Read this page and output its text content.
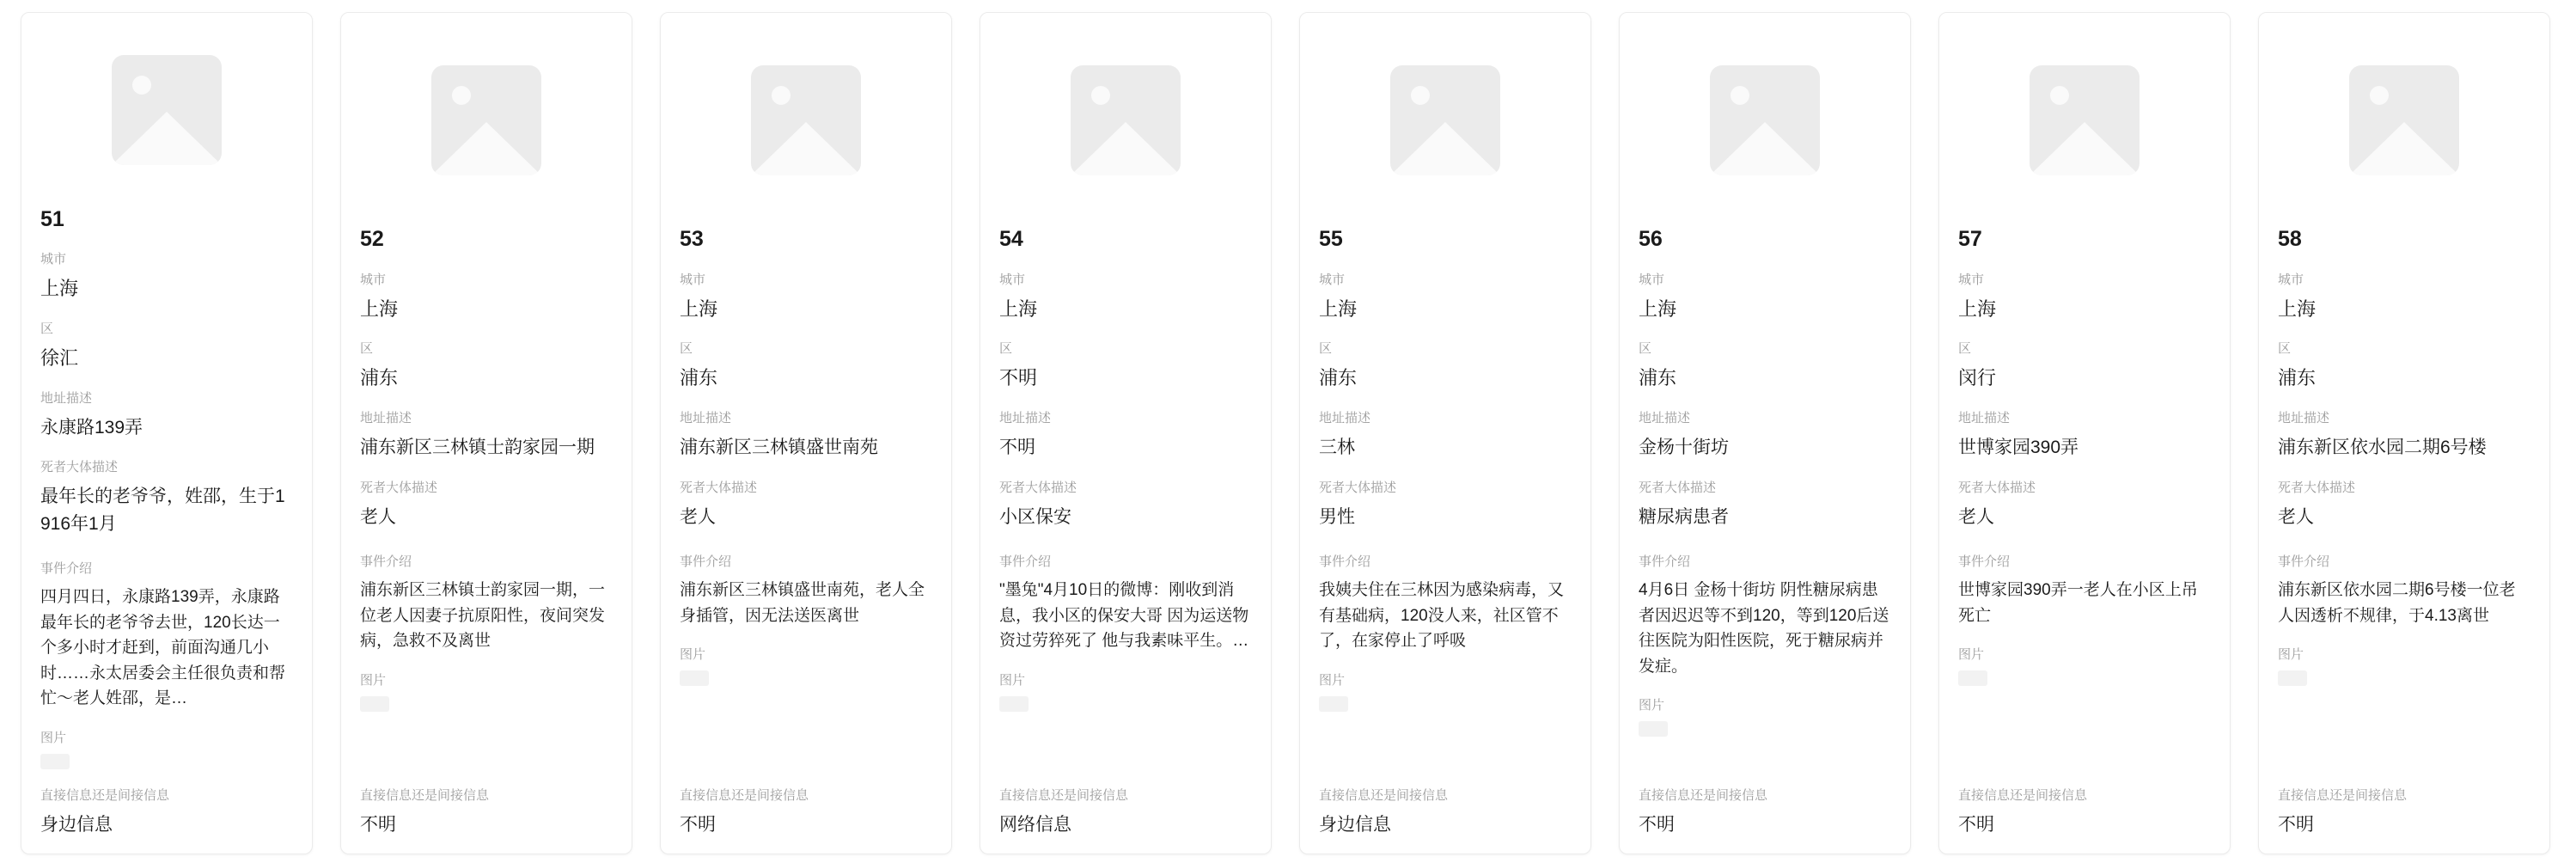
51
城市
上海
区
徐汇
地址描述
永康路139弄
死者大体描述
最年长的老爷爷，姓邵，生于1916年1月
事件介绍
四月四日，永康路139弄，永康路最年长的老爷爷去世，120长达一个多小时才赶到，前面沟通几小时……永太居委会主任很负责和帮忙～老人姓邵，是…
图片
直接信息还是间接信息
身边信息
52
城市
上海
区
浦东
地址描述
浦东新区三林镇士韵家园一期
死者大体描述
老人
事件介绍
浦东新区三林镇士韵家园一期，一位老人因妻子抗原阳性，夜间突发病，急救不及离世
图片
直接信息还是间接信息
不明
53
城市
上海
区
浦东
地址描述
浦东新区三林镇盛世南苑
死者大体描述
老人
事件介绍
浦东新区三林镇盛世南苑，老人全身插管，因无法送医离世
图片
直接信息还是间接信息
不明
54
城市
上海
区
不明
地址描述
不明
死者大体描述
小区保安
事件介绍
"墨兔"4月10日的微博：刚收到消息，我小区的保安大哥 因为运送物资过劳猝死了 他与我素味平生。…
图片
直接信息还是间接信息
网络信息
55
城市
上海
区
浦东
地址描述
三林
死者大体描述
男性
事件介绍
我姨夫住在三林因为感染病毒，又有基础病，120没人来，社区管不了，在家停止了呼吸
图片
直接信息还是间接信息
身边信息
56
城市
上海
区
浦东
地址描述
金杨十街坊
死者大体描述
糖尿病患者
事件介绍
4月6日 金杨十街坊 阴性糖尿病患者因迟迟等不到120，等到120后送往医院为阳性医院，死于糖尿病并发症。
图片
直接信息还是间接信息
不明
57
城市
上海
区
闵行
地址描述
世博家园390弄
死者大体描述
老人
事件介绍
世博家园390弄一老人在小区上吊死亡
图片
直接信息还是间接信息
不明
58
城市
上海
区
浦东
地址描述
浦东新区依水园二期6号楼
死者大体描述
老人
事件介绍
浦东新区依水园二期6号楼一位老人因透析不规律，于4.13离世
图片
直接信息还是间接信息
不明
